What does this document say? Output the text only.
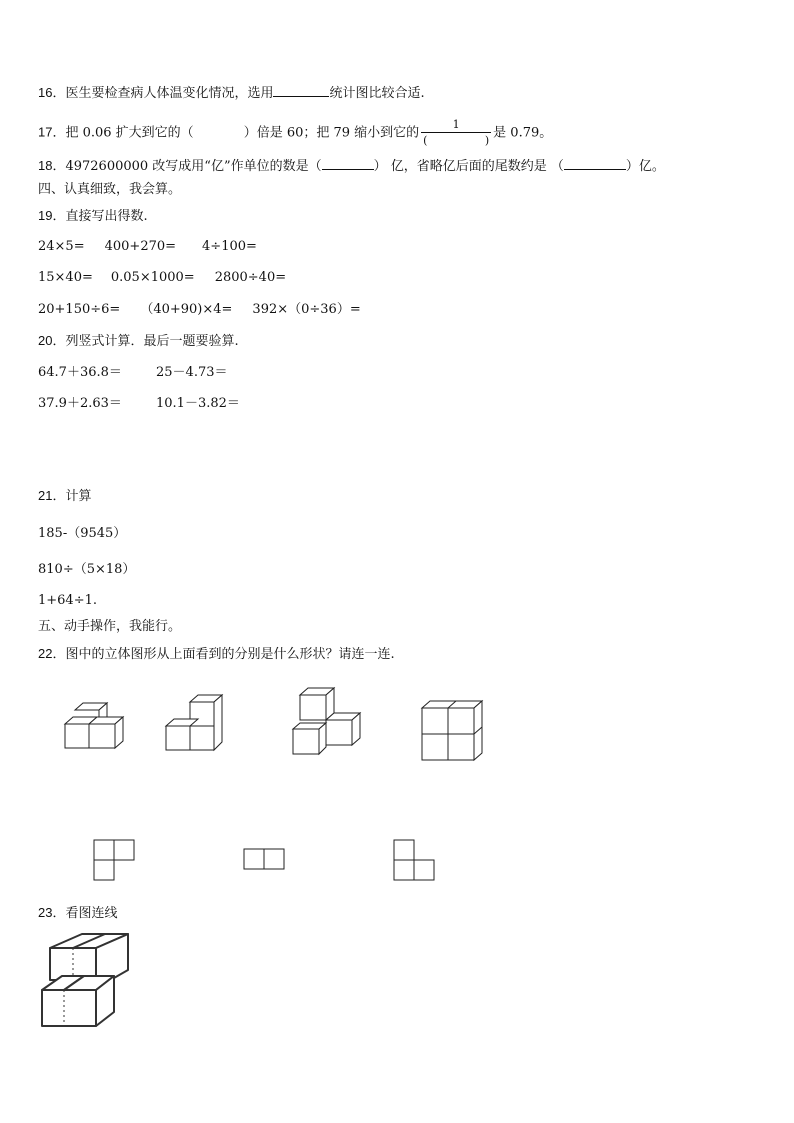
16．医生要检查病人体温变化情况，选用	统计图比较合适.
17．把 0.06 扩大到它的（	）倍是 60；把 79 缩小到它的 1
(	) 是 0.79。
18．4972600000 改写成用“亿”作单位的数是（	） 亿，省略亿后面的尾数约是 （	）亿。
四、认真细致，我会算。
19．直接写出得数.
24×5= 400+270= 4÷100=
15×40= 0.05×1000= 2800÷40=
20+150÷6= （40+90)×4= 392×（0÷36）=
20．列竖式计算．最后一题要验算.
64.7＋36.8＝	25－4.73＝
37.9＋2.63＝	10.1－3.82＝
21．计算
185-（9545）
810÷（5×18）
1+64÷1.
五、动手操作，我能行。
22．图中的立体图形从上面看到的分别是什么形状？请连一连.
23．看图连线
